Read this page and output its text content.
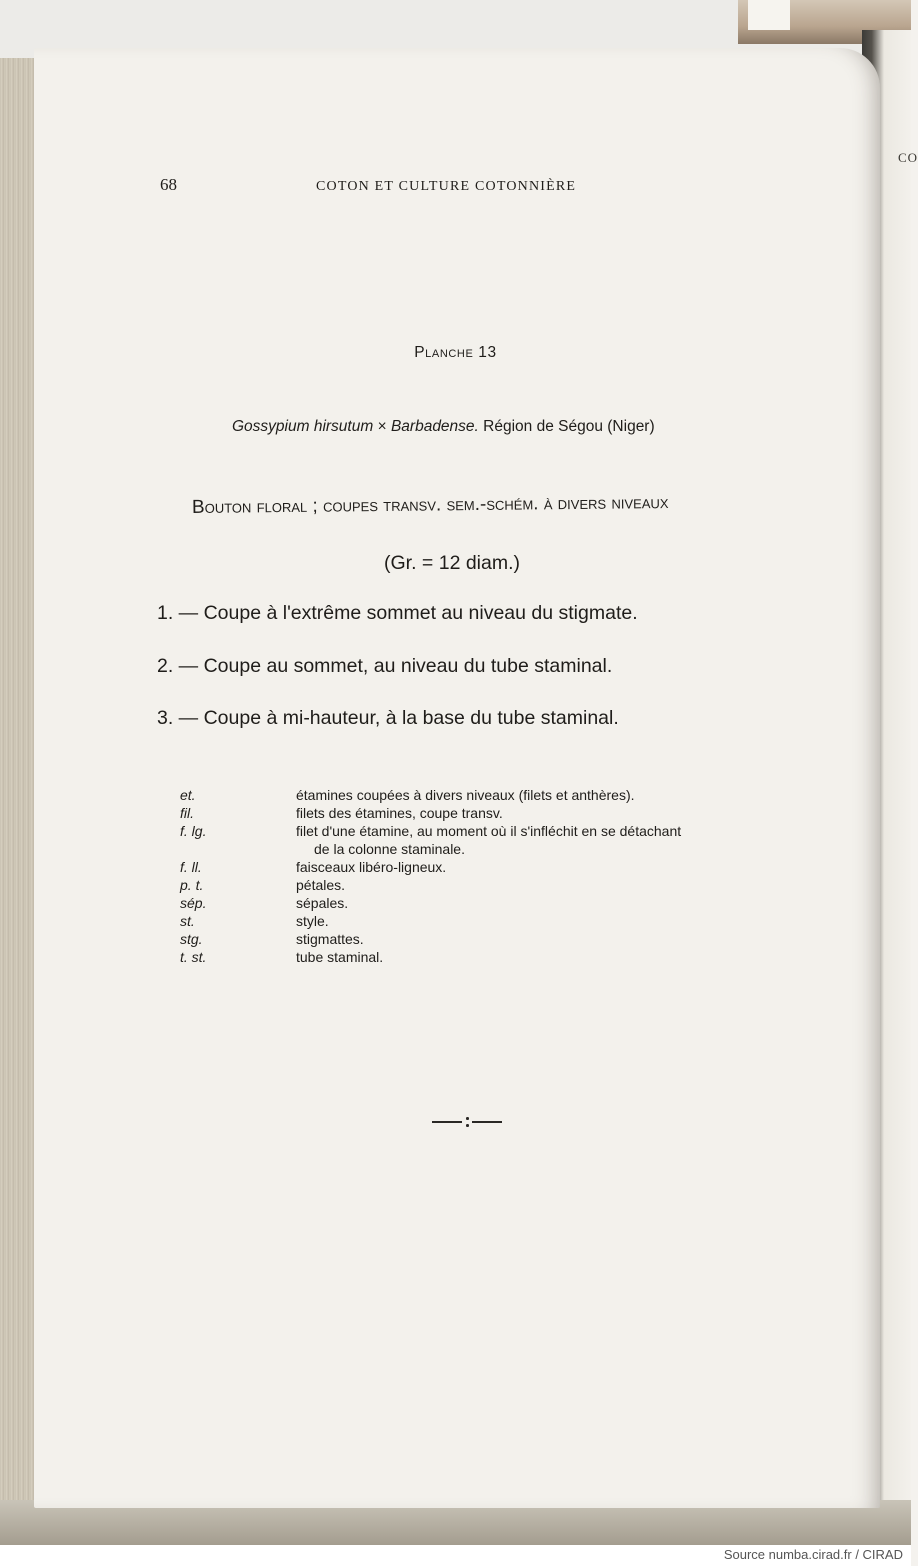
CO
68	COTON ET CULTURE COTONNIÈRE
Planche 13
Gossypium hirsutum × Barbadense. Région de Ségou (Niger)
Bouton floral ; coupes transv. sem.-schém. à divers niveaux
(Gr. = 12 diam.)
1. — Coupe à l'extrême sommet au niveau du stigmate.
2. — Coupe au sommet, au niveau du tube staminal.
3. — Coupe à mi-hauteur, à la base du tube staminal.
et.	étamines coupées à divers niveaux (filets et anthères).
fil.	filets des étamines, coupe transv.
f. lg.	filet d'une étamine, au moment où il s'infléchit en se détachant
de la colonne staminale.
f. ll.	faisceaux libéro-ligneux.
p. t.	pétales.
sép.	sépales.
st.	style.
stg.	stigmattes.
t. st.	tube staminal.
Source numba.cirad.fr / CIRAD
